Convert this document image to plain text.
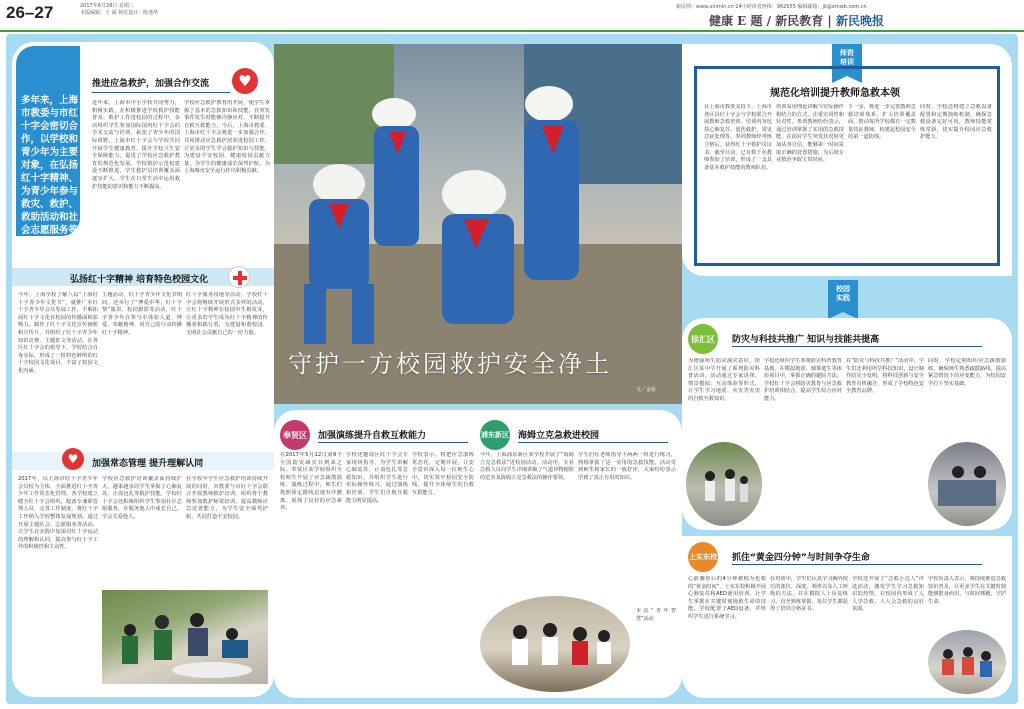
26–27	2017年6月28日 星期三
本版编辑：王 斌 视觉设计：陈逸华
新民网：www.xinmin.cn 24小时读者热线：962555 编辑邮箱：jk@xmwb.com.cn
健康 E 题 / 新民教育 | 新民晚报
多年来，上海市教委与市红十字会密切合作，以学校和青少年为主要对象，在弘扬红十字精神、为青少年参与救灾、救护、救助活动和社会志愿服务等方面，搭建了重要的实践平
推进应急救护，加强合作交流	♥
近年来，上海市中小学校共同努力，积极实践，在积极推进学校救护技能普及、救护工作进校园的过程中，多次组织学生参加国际国内红十字会的学术交流与培训，拓宽了青少年的国际视野。上海市红十字会与学校共同开展学生健康教育，提升学校卫生安全保障能力，促进了学校应急救护教育的规范化发展，学校救护示范校建设不断推进，学生救护员培训覆盖面逐步扩大，学生在日常生活中运用救护技能的意识和能力不断提高。
学校应急救护教育的开展，使学生掌握了基本的急救知识和技能，在突发事件发生时能够冷静应对，不断提升自救互救能力。今后，上海市教委、上海市红十字会将进一步加强合作，共同推动应急救护培训进校园工作，让更多的学生学会救护知识与技能，为建设平安校园、健康校园贡献力量，为学生的健康成长保驾护航，为上海城市安全运行作出积极贡献。
弘扬红十字精神 培育特色校园文化
今年，上海学校了解八届“上海红十字青少年文化节”，就推广本红十字青少年会员发展工作，不断拓展红十字文化在校园的传播面和影响力。制作了红十字文化宣传画册和宣传片，并组织了红十字青少年知识竞赛、主题征文等活动。在各区红十字会的指导下，学校结合自身实际，形成了一批特色鲜明的红十字校园文化项目，丰富了校园文化内涵。
主题活动，红十字青少年文化节期间，还举行了“博爱中华，红十字情”演讲、校园摄影等活动，红十字青少年在参与中体验人道、博爱、奉献精神，用自己的行动传播红十字精神。
红十字服务园地等活动。学校红十字会将继续开展形式多样的活动，让红十字精神在校园中生根发芽，让更多的学生成为红十字精神的传播者和践行者，为建设和谐校园、文明社会贡献自己的一份力量。
♥	加强常态管理 提升理解认同
2017年，以上海市红十字青少年会员校为主体，全面推进红十字青少年工作常态化管理。各学校建立健全红十字会组织，配备专兼职管理人员，完善工作制度，将红十字工作纳入学校整体发展规划。通过开展主题队会、志愿服务等活动，让学生在实践中加深对红十字运动的理解和认同，提高参与红十字工作的积极性和主动性。
学校应急救护培训覆盖面持续扩大，越来越多的学生掌握了心肺复苏、止血包扎等救护技能，学校红十字会还积极组织学生参加社区志愿服务，在服务他人中成长自己，学会关爱他人。
在学校中学生应急救护培训持续开展的同时，市教委与市红十字会联合开展教师救护培训，组织骨干教师参加救护师资培训，提高教师应急处置能力，为学生安全保驾护航，共同打造平安校园。
守护一方校园救护安全净土
文／金松
师资
培训
规范化培训提升教师急救本领
在上海市教委支持下，上海市各区县红十字会与学校联合开展教师急救培训。培训内容包括心肺复苏、创伤救护、常见急症处理等。参训教师经考核合格后，获得红十字救护员证书。截至目前，已有数千名教师参加了培训，形成了一支具备基本救护技能的教师队伍。
培训采用理论讲解与实际操作相结合的方式，注重实用性和针对性。参训教师纷纷表示，通过培训掌握了实用的急救技能，在面对学生突发状况时更加从容自信，能够第一时间采取正确的处置措施，为后续专业救治争取宝贵时间。
下一步，将进一步完善教师急救培训体系，扩大培训覆盖面，推动每所学校都有一定数量持证教师，构建起校园安全的第一道防线。
同时，学校还将建立急救设备配置和定期演练机制，确保急救设备完好可用，教师技能常练常新，切实提升校园应急救护能力。
校园
实践
徐汇区	防灾与科技共推广 知识与技能共提高
为增强师生防灾减灾意识，徐汇区某中学开展了系列防灾科普活动。活动通过专家讲座、情景模拟、互动体验等形式，让学生学习地震、火灾等灾害的自救互救知识。
学校还组织学生参观防灾科普教育基地，在模拟地震、烟雾逃生等体验项目中，掌握正确的避险方法。学校红十字会将防灾教育与应急救护培训相结合，提高学生综合应对能力。
在“防灾与科技共推广”活动中，学生们还利用所学科技知识，设计制作防灾小发明，将科技创新与安全教育有机融合，形成了学校特色安全教育品牌。
同时，学校定期组织应急疏散演练，确保师生熟悉疏散路线，提高紧急情况下的应变能力，为校园安全打下坚实基础。
上实东校 抓住“黄金四分钟”与时间争夺生命
心脏骤停后的4分钟被称为抢救的“黄金时间”。上实东校积极开展心肺复苏和AED使用培训，让学生掌握在关键时刻挽救生命的技能。学校配置了AED设备，并组织学生进行系统学习。
在培训中，学生们认真学习胸外按压的部位、深度、频率以及人工呼吸的方法，并在模拟人上反复练习，直至熟练掌握，每位学生都获得了培训合格证书。
学校还开展了“急救小达人”评选活动，激发学生学习急救知识的热情，在校园内形成了人人学急救、人人会急救的良好氛围。
学校负责人表示，将持续推进急救知识普及，让更多学生在关键时刻能够挺身而出，与时间赛跑，守护生命。
奉贤区	加强演练提升自救互救能力
在2017年5月12日第9个全国防灾减灾日到来之际，奉贤区某学校组织全校师生开展了应急疏散演练。演练过程中，师生们按照预定路线迅速有序撤离，展现了良好的应急素养。
学校还邀请区红十字会专家现场指导，为学生讲解心肺复苏、止血包扎等急救知识，并组织学生进行实际操作练习。通过演练和培训，学生们自救互救能力明显提高。
学校表示，将把应急演练常态化，定期开展，让安全意识深入每一位师生心中，切实筑牢校园安全防线，提升全体师生的自救互救能力。
浦东新区 海姆立克急救进校园
今年，上海浦东新区某学校开展了“海姆立克急救法”进校园活动。活动中，专业急救人员向学生详细讲解了气道异物梗阻的危害及海姆立克急救法的操作要领。
学生们在老师指导下两两一组进行练习，熟练掌握了这一实用的急救技能。活动受到师生和家长的一致好评，大家纷纷表示学到了真正有用的知识。
本次“青年智慧”活动
